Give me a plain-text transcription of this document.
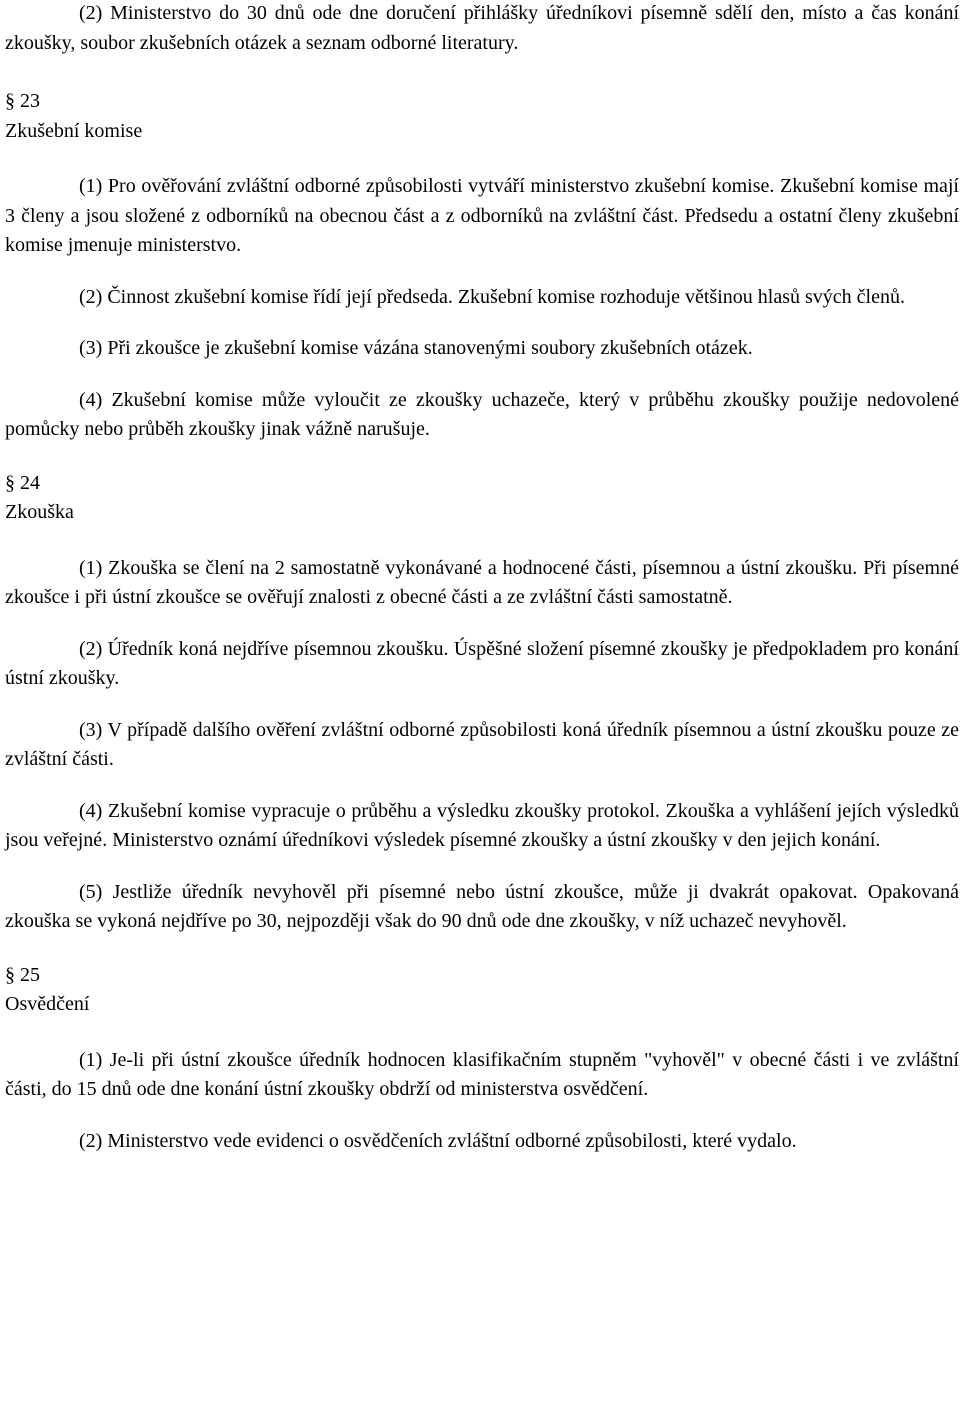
(2) Ministerstvo do 30 dnů ode dne doručení přihlášky úředníkovi písemně sdělí den, místo a čas konání zkoušky, soubor zkušebních otázek a seznam odborné literatury.

§ 23
Zkušební komise

(1) Pro ověřování zvláštní odborné způsobilosti vytváří ministerstvo zkušební komise. Zkušební komise mají 3 členy a jsou složené z odborníků na obecnou část a z odborníků na zvláštní část. Předsedu a ostatní členy zkušební komise jmenuje ministerstvo.

(2) Činnost zkušební komise řídí její předseda. Zkušební komise rozhoduje většinou hlasů svých členů.

(3) Při zkoušce je zkušební komise vázána stanovenými soubory zkušebních otázek.

(4) Zkušební komise může vyloučit ze zkoušky uchazeče, který v průběhu zkoušky použije nedovolené pomůcky nebo průběh zkoušky jinak vážně narušuje.

§ 24
Zkouška

(1) Zkouška se člení na 2 samostatně vykonávané a hodnocené části, písemnou a ústní zkoušku. Při písemné zkoušce i při ústní zkoušce se ověřují znalosti z obecné části a ze zvláštní části samostatně.

(2) Úředník koná nejdříve písemnou zkoušku. Úspěšné složení písemné zkoušky je předpokladem pro konání ústní zkoušky.

(3) V případě dalšího ověření zvláštní odborné způsobilosti koná úředník písemnou a ústní zkoušku pouze ze zvláštní části.

(4) Zkušební komise vypracuje o průběhu a výsledku zkoušky protokol. Zkouška a vyhlášení jejích výsledků jsou veřejné. Ministerstvo oznámí úředníkovi výsledek písemné zkoušky a ústní zkoušky v den jejich konání.

(5) Jestliže úředník nevyhověl při písemné nebo ústní zkoušce, může ji dvakrát opakovat. Opakovaná zkouška se vykoná nejdříve po 30, nejpozději však do 90 dnů ode dne zkoušky, v níž uchazeč nevyhověl.

§ 25
Osvědčení

(1) Je-li při ústní zkoušce úředník hodnocen klasifikačním stupněm "vyhověl" v obecné části i ve zvláštní části, do 15 dnů ode dne konání ústní zkoušky obdrží od ministerstva osvědčení.

(2) Ministerstvo vede evidenci o osvědčeních zvláštní odborné způsobilosti, které vydalo.
